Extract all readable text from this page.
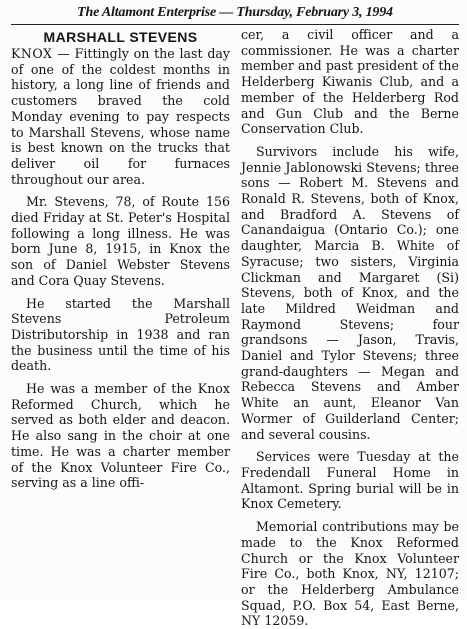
The Altamont Enterprise — Thursday, February 3, 1994
MARSHALL STEVENS

KNOX — Fittingly on the last day of one of the coldest months in history, a long line of friends and customers braved the cold Monday evening to pay respects to Marshall Stevens, whose name is best known on the trucks that deliver oil for furnaces throughout our area.

Mr. Stevens, 78, of Route 156 died Friday at St. Peter's Hospital following a long illness. He was born June 8, 1915, in Knox the son of Daniel Webster Stevens and Cora Quay Stevens.

He started the Marshall Stevens Petroleum Distributorship in 1938 and ran the business until the time of his death.

He was a member of the Knox Reformed Church, which he served as both elder and deacon. He also sang in the choir at one time. He was a charter member of the Knox Volunteer Fire Co., serving as a line offi-

cer, a civil officer and a commissioner. He was a charter member and past president of the Helderberg Kiwanis Club, and a member of the Helderberg Rod and Gun Club and the Berne Conservation Club.

Survivors include his wife, Jennie Jablonowski Stevens; three sons — Robert M. Stevens and Ronald R. Stevens, both of Knox, and Bradford A. Stevens of Canandaigua (Ontario Co.); one daughter, Marcia B. White of Syracuse; two sisters, Virginia Clickman and Margaret (Si) Stevens, both of Knox, and the late Mildred Weidman and Raymond Stevens; four grandsons — Jason, Travis, Daniel and Tylor Stevens; three grand-daughters — Megan and Rebecca Stevens and Amber White an aunt, Eleanor Van Wormer of Guilderland Center; and several cousins.

Services were Tuesday at the Fredendall Funeral Home in Altamont. Spring burial will be in Knox Cemetery.

Memorial contributions may be made to the Knox Reformed Church or the Knox Volunteer Fire Co., both Knox, NY, 12107; or the Helderberg Ambulance Squad, P.O. Box 54, East Berne, NY 12059.
